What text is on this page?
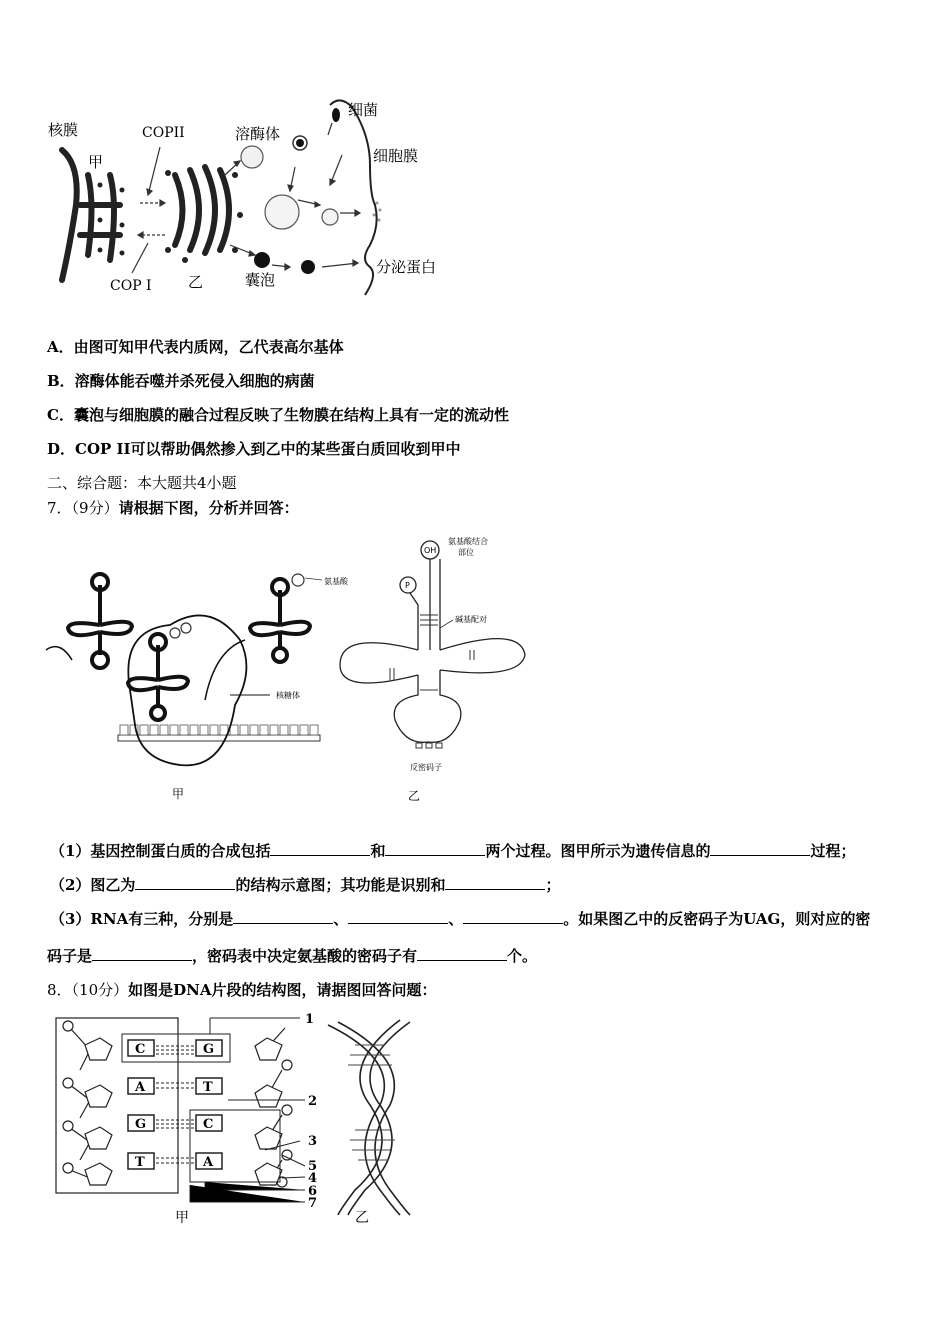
核膜
甲
COPII
COP I 乙
溶酶体
细菌
细胞膜
囊泡
分泌蛋白
A．由图可知甲代表内质网，乙代表高尔基体
B．溶酶体能吞噬并杀死侵入细胞的病菌
C．囊泡与细胞膜的融合过程反映了生物膜在结构上具有一定的流动性
D．COP II可以帮助偶然掺入到乙中的某些蛋白质回收到甲中
二、综合题：本大题共4小题
7．（9分）请根据下图，分析并回答：
氨基酸
核糖体
甲
OH
P
氨基酸结合
部位
碱基配对
反密码子
乙
（1）基因控制蛋白质的合成包括	和	两个过程。图甲所示为遗传信息的	过程；
（2）图乙为	的结构示意图；其功能是识别和	；
（3）RNA有三种，分别是	、	、	。如果图乙中的反密码子为UAG，则对应的密
码子是	，密码表中决定氨基酸的密码子有	个。
8．（10分）如图是DNA片段的结构图，请据图回答问题：
C
A
G
T
G
T
C
A
1
2
3
5
4
6
7
甲	乙
